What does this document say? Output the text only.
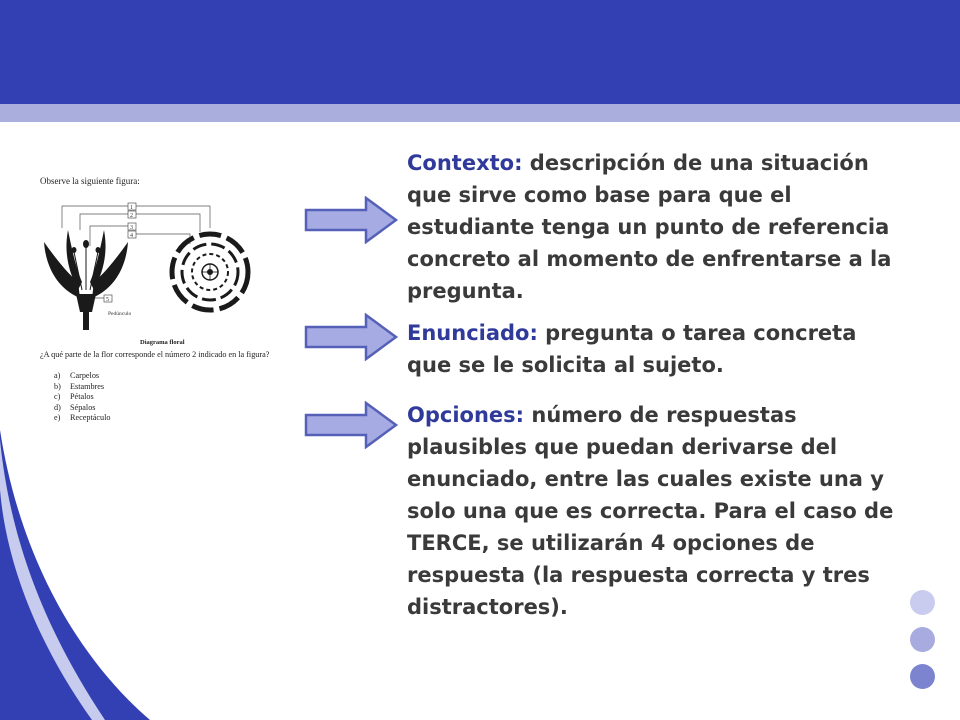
Observe la siguiente figura:
1
2
3
4
5
Pedúnculo
Diagrama floral
¿A qué parte de la flor corresponde el número 2 indicado en la figura?
a)	Carpelos
b)	Estambres
c)	Pétalos
d)	Sépalos
e)	Receptáculo
Contexto: descripción de una situación que sirve como base para que el estudiante tenga un punto de referencia concreto al momento de enfrentarse a la pregunta.
Enunciado: pregunta o tarea concreta que se le solicita al sujeto.
Opciones: número de respuestas plausibles que puedan derivarse del enunciado, entre las cuales existe una y solo una que es correcta. Para el caso de TERCE, se utilizarán 4 opciones de respuesta (la respuesta correcta y tres distractores).
